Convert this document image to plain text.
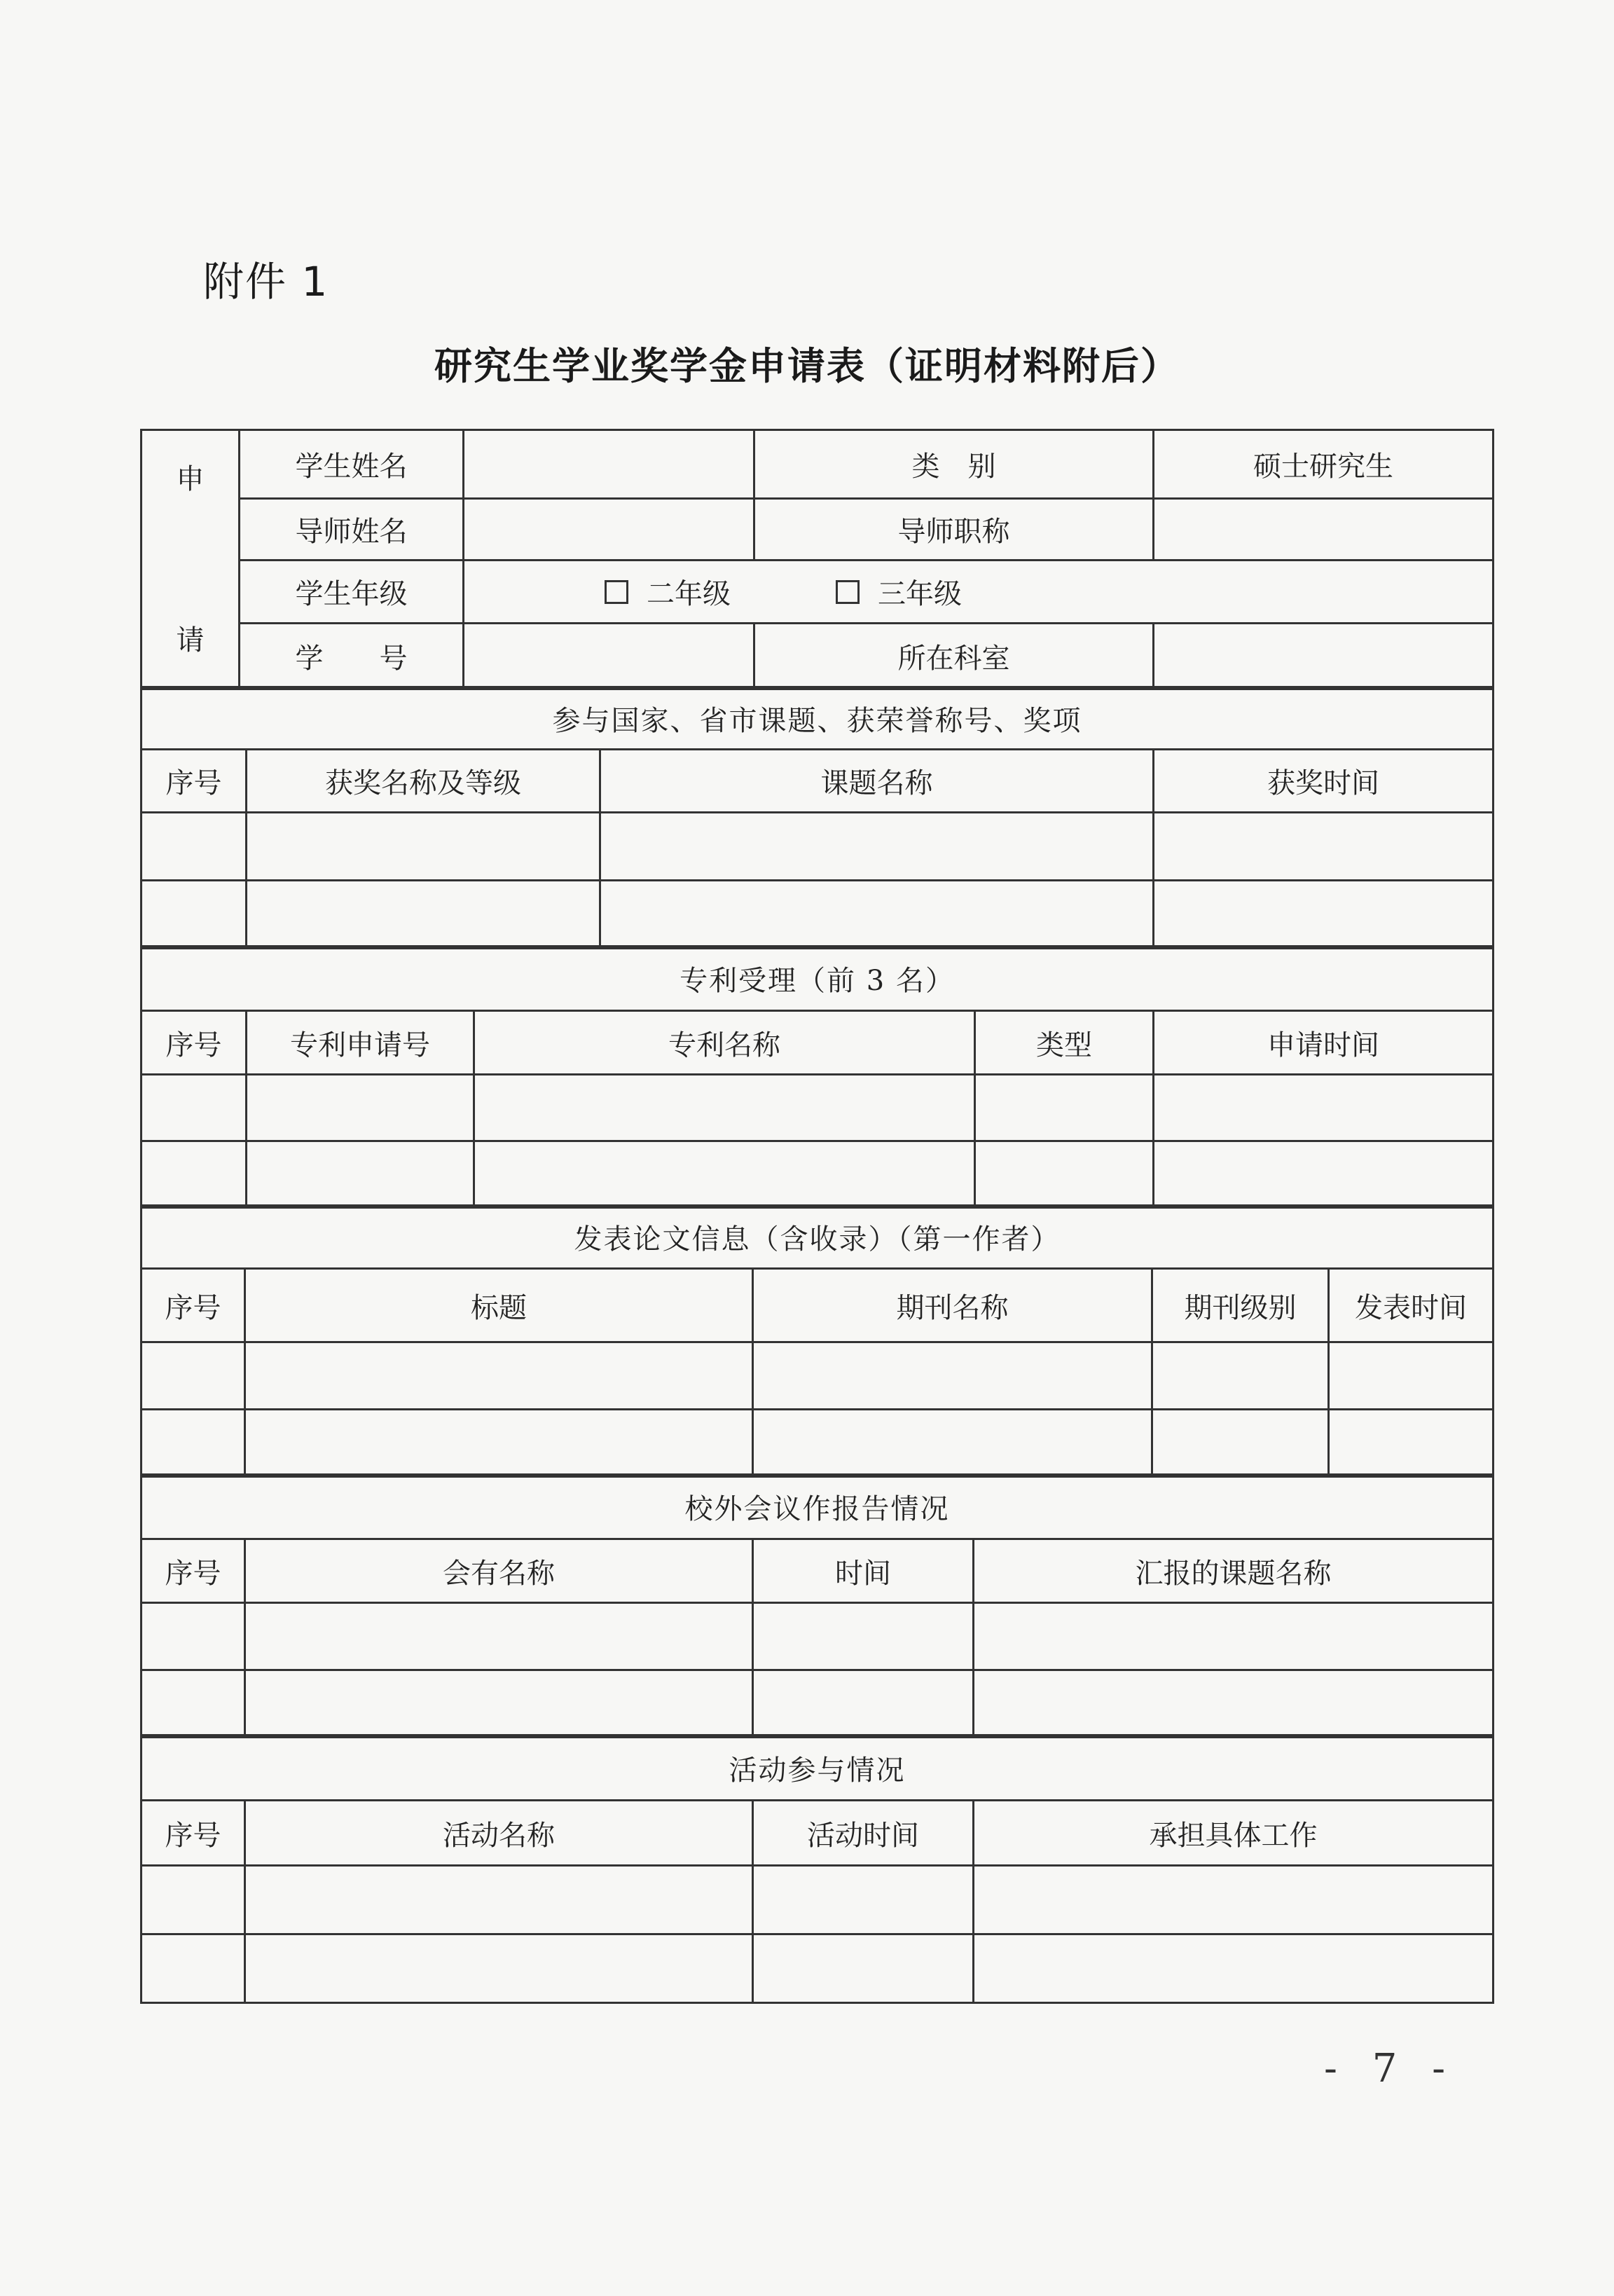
附件 1
研究生学业奖学金申请表（证明材料附后）
申
请	学生姓名		类　别	硕士研究生
	导师姓名		导师职称	
	学生年级	二年级 三年级		

	学　　号		所在科室	
参与国家、省市课题、获荣誉称号、奖项			
序号	获奖名称及等级	课题名称	获奖时间

专利受理（前 3 名）				
序号	专利申请号	专利名称	类型	申请时间

发表论文信息（含收录）（第一作者）				
序号	标题	期刊名称	期刊级别	发表时间

校外会议作报告情况			
序号	会有名称	时间	汇报的课题名称

活动参与情况			
序号	活动名称	活动时间	承担具体工作

- 7 -
